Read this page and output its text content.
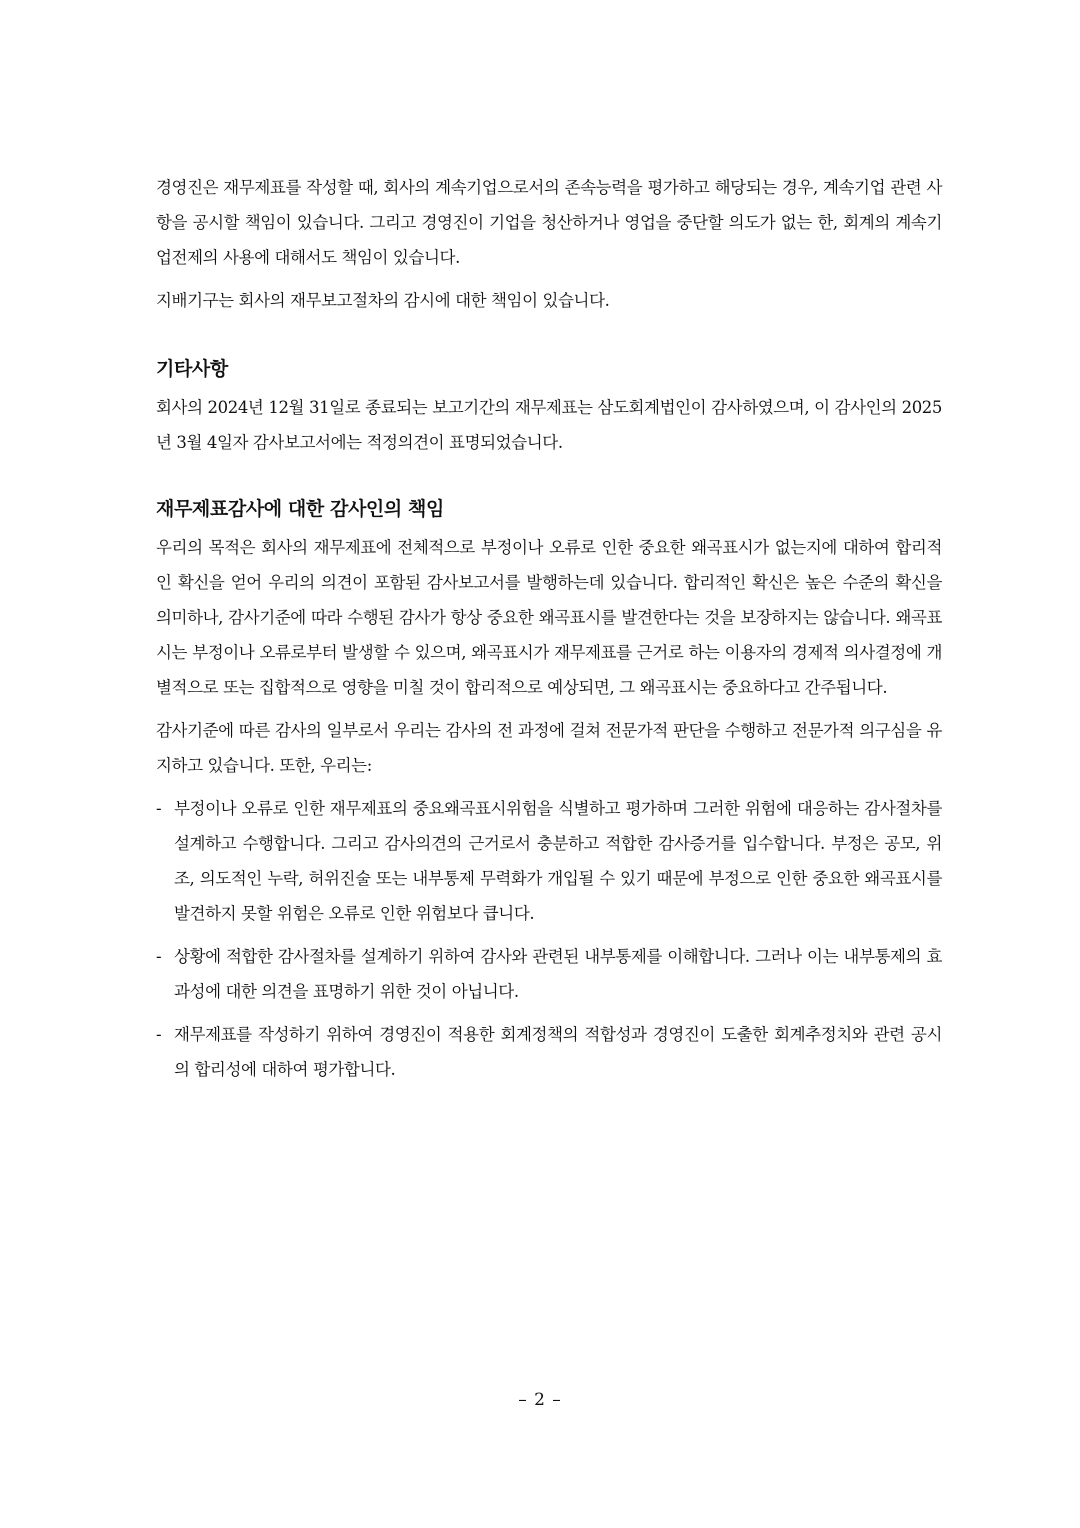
경영진은 재무제표를 작성할 때, 회사의 계속기업으로서의 존속능력을 평가하고 해당되는 경우, 계속기업 관련 사항을 공시할 책임이 있습니다. 그리고 경영진이 기업을 청산하거나 영업을 중단할 의도가 없는 한, 회계의 계속기업전제의 사용에 대해서도 책임이 있습니다.

지배기구는 회사의 재무보고절차의 감시에 대한 책임이 있습니다.

기타사항

회사의 2024년 12월 31일로 종료되는 보고기간의 재무제표는 삼도회계법인이 감사하였으며, 이 감사인의 2025년 3월 4일자 감사보고서에는 적정의견이 표명되었습니다.

재무제표감사에 대한 감사인의 책임

우리의 목적은 회사의 재무제표에 전체적으로 부정이나 오류로 인한 중요한 왜곡표시가 없는지에 대하여 합리적인 확신을 얻어 우리의 의견이 포함된 감사보고서를 발행하는데 있습니다. 합리적인 확신은 높은 수준의 확신을 의미하나, 감사기준에 따라 수행된 감사가 항상 중요한 왜곡표시를 발견한다는 것을 보장하지는 않습니다. 왜곡표시는 부정이나 오류로부터 발생할 수 있으며, 왜곡표시가 재무제표를 근거로 하는 이용자의 경제적 의사결정에 개별적으로 또는 집합적으로 영향을 미칠 것이 합리적으로 예상되면, 그 왜곡표시는 중요하다고 간주됩니다.

감사기준에 따른 감사의 일부로서 우리는 감사의 전 과정에 걸쳐 전문가적 판단을 수행하고 전문가적 의구심을 유지하고 있습니다. 또한, 우리는:

- 부정이나 오류로 인한 재무제표의 중요왜곡표시위험을 식별하고 평가하며 그러한 위험에 대응하는 감사절차를 설계하고 수행합니다. 그리고 감사의견의 근거로서 충분하고 적합한 감사증거를 입수합니다. 부정은 공모, 위조, 의도적인 누락, 허위진술 또는 내부통제 무력화가 개입될 수 있기 때문에 부정으로 인한 중요한 왜곡표시를 발견하지 못할 위험은 오류로 인한 위험보다 큽니다.
- 상황에 적합한 감사절차를 설계하기 위하여 감사와 관련된 내부통제를 이해합니다. 그러나 이는 내부통제의 효과성에 대한 의견을 표명하기 위한 것이 아닙니다.
- 재무제표를 작성하기 위하여 경영진이 적용한 회계정책의 적합성과 경영진이 도출한 회계추정치와 관련 공시의 합리성에 대하여 평가합니다.
– 2 –
